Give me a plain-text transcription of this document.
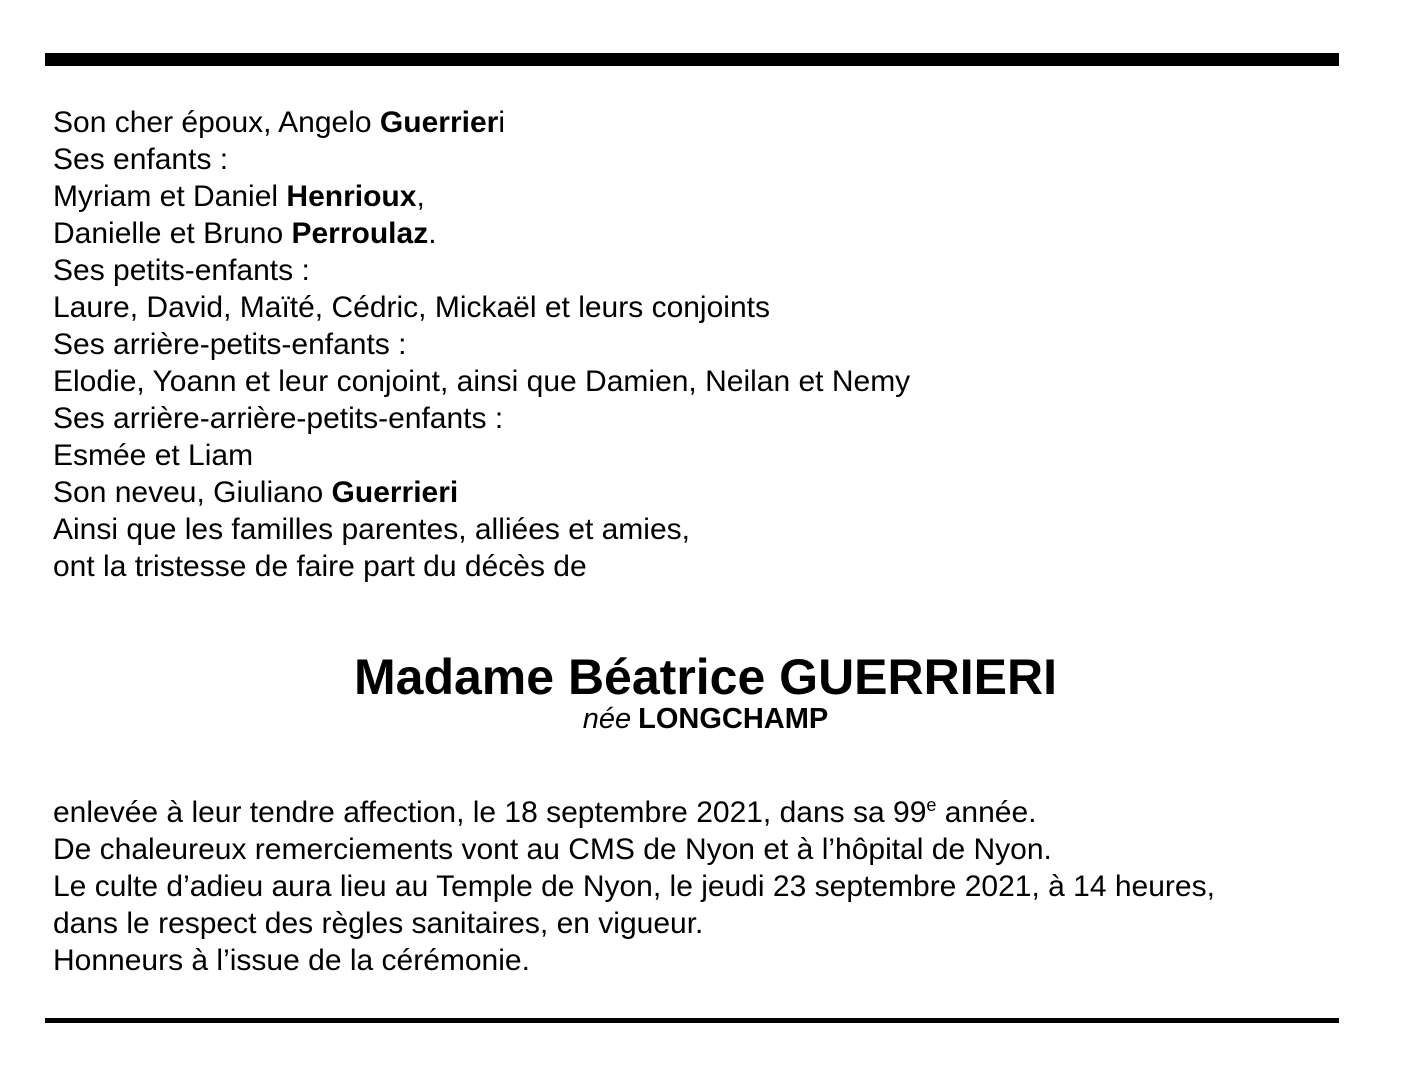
Son cher époux, Angelo Guerrieri
Ses enfants :
Myriam et Daniel Henrioux,
Danielle et Bruno Perroulaz.
Ses petits-enfants :
Laure, David, Maïté, Cédric, Mickaël et leurs conjoints
Ses arrière-petits-enfants :
Elodie, Yoann et leur conjoint, ainsi que Damien, Neilan et Nemy
Ses arrière-arrière-petits-enfants :
Esmée et Liam
Son neveu, Giuliano Guerrieri
Ainsi que les familles parentes, alliées et amies,
ont la tristesse de faire part du décès de
Madame Béatrice GUERRIERI
née LONGCHAMP
enlevée à leur tendre affection, le 18 septembre 2021, dans sa 99e année.
De chaleureux remerciements vont au CMS de Nyon et à l’hôpital de Nyon.
Le culte d’adieu aura lieu au Temple de Nyon, le jeudi 23 septembre 2021, à 14 heures,
dans le respect des règles sanitaires, en vigueur.
Honneurs à l’issue de la cérémonie.
